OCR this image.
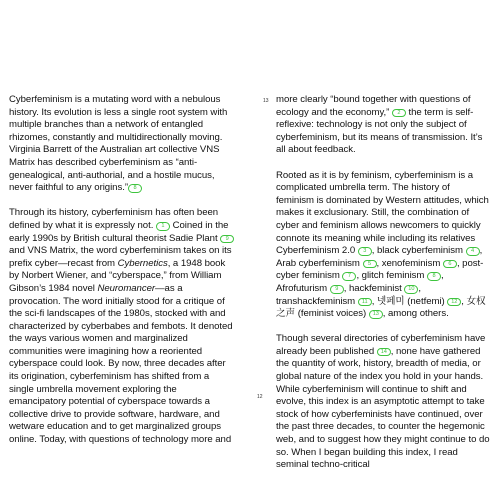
Cyberfeminism is a mutating word with a nebulous history. Its evolution is less a single root system with multiple branches than a network of entangled rhizomes, constantly and multidirectionally moving. Virginia Barrett of the Australian art collective VNS Matrix has described cyberfeminism as “anti-genealogical, anti-authorial, and a hostile mucus, never faithful to any origins.” 8

Through its history, cyberfeminism has often been defined by what it is expressly not. 1 Coined in the early 1990s by British cultural theorist Sadie Plant 9 and VNS Matrix, the word cyberfeminism takes on its prefix cyber—recast from Cybernetics, a 1948 book by Norbert Wiener, and “cyberspace,” from William Gibson’s 1984 novel Neuromancer—as a provocation. The word initially stood for a critique of the sci-fi landscapes of the 1980s, stocked with and characterized by cyberbabes and fembots. It denoted the ways various women and marginalized communities were imagining how a reoriented cyberspace could look. By now, three decades after its origination, cyberfeminism has shifted from a single umbrella movement exploring the emancipatory potential of cyberspace towards a collective drive to provide software, hardware, and wetware education and to get marginalized groups online. Today, with questions of technology more and

12
13 more clearly “bound together with questions of ecology and the economy,” 2 the term is self-reflexive: technology is not only the subject of cyberfeminism, but its means of transmission. It’s all about feedback.

Rooted as it is by feminism, cyberfeminism is a complicated umbrella term. The history of feminism is dominated by Western attitudes, which makes it exclusionary. Still, the combination of cyber and feminism allows newcomers to quickly connote its meaning while including its relatives Cyberfeminism 2.0 3 , black cyberfeminism 4 , Arab cyberfeminism 5 , xenofeminism 6 , post-cyber feminism 7 , glitch feminism 8 , Afrofuturism 9 , hackfeminist 10 , transhackfeminism 11 , 넷페미 (netfemi) 12 , 女权之声 (feminist voices) 13 , among others.

Though several directories of cyberfeminism have already been published 14 , none have gathered the quantity of work, history, breadth of media, or global nature of the index you hold in your hands. While cyberfeminism will continue to shift and evolve, this index is an asymptotic attempt to take stock of how cyberfeminists have continued, over the past three decades, to counter the hegemonic web, and to suggest how they might continue to do so. When I began building this index, I read seminal techno-critical
